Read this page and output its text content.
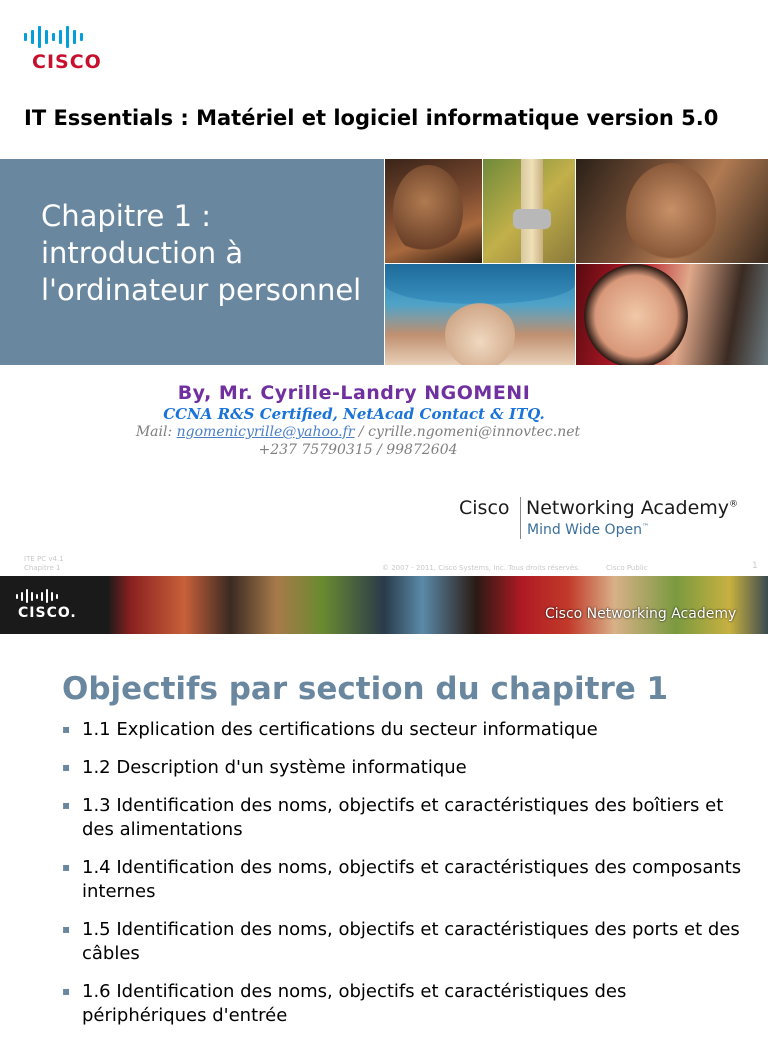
CISCO
IT Essentials : Matériel et logiciel informatique version 5.0
Chapitre 1 :
introduction à
l'ordinateur personnel
By, Mr. Cyrille-Landry NGOMENI
CCNA R&S Certified, NetAcad Contact & ITQ.
Mail: ngomenicyrille@yahoo.fr / cyrille.ngomeni@innovtec.net
+237 75790315 / 99872604
Cisco Networking Academy®
Mind Wide Open™
ITE PC v4.1
Chapitre 1	© 2007 - 2011, Cisco Systems, Inc. Tous droits réservés.	Cisco Public	1
CISCO.	Cisco Networking Academy
Objectifs par section du chapitre 1
▪ 1.1 Explication des certifications du secteur informatique
▪ 1.2 Description d'un système informatique
▪ 1.3 Identification des noms, objectifs et caractéristiques des boîtiers et des alimentations
▪ 1.4 Identification des noms, objectifs et caractéristiques des composants internes
▪ 1.5 Identification des noms, objectifs et caractéristiques des ports et des câbles
▪ 1.6 Identification des noms, objectifs et caractéristiques des périphériques d'entrée
